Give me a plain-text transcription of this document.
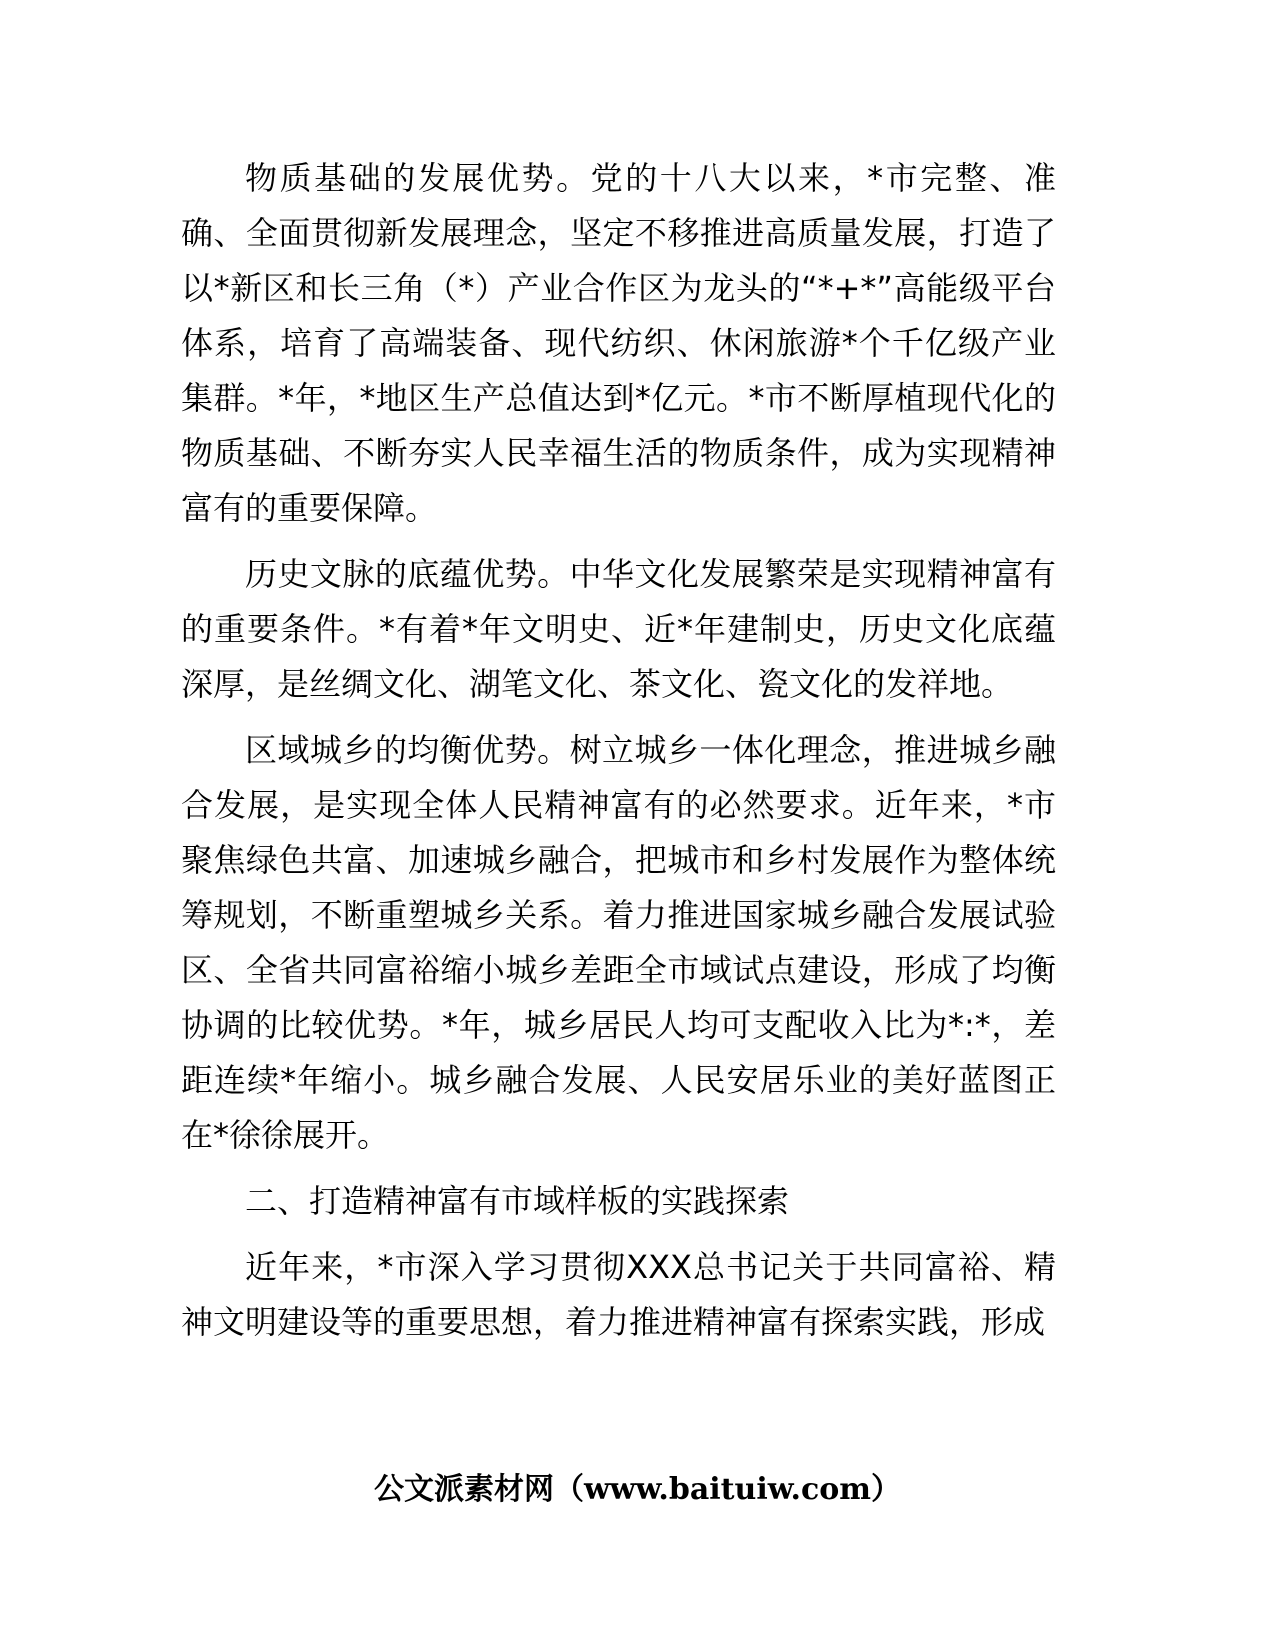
物质基础的发展优势。党的十八大以来，*市完整、准确、全面贯彻新发展理念，坚定不移推进高质量发展，打造了以*新区和长三角（*）产业合作区为龙头的“*+*”高能级平台体系，培育了高端装备、现代纺织、休闲旅游*个千亿级产业集群。*年，*地区生产总值达到*亿元。*市不断厚植现代化的物质基础、不断夯实人民幸福生活的物质条件，成为实现精神富有的重要保障。

历史文脉的底蕴优势。中华文化发展繁荣是实现精神富有的重要条件。*有着*年文明史、近*年建制史，历史文化底蕴深厚，是丝绸文化、湖笔文化、茶文化、瓷文化的发祥地。

区域城乡的均衡优势。树立城乡一体化理念，推进城乡融合发展，是实现全体人民精神富有的必然要求。近年来，*市聚焦绿色共富、加速城乡融合，把城市和乡村发展作为整体统筹规划，不断重塑城乡关系。着力推进国家城乡融合发展试验区、全省共同富裕缩小城乡差距全市域试点建设，形成了均衡协调的比较优势。*年，城乡居民人均可支配收入比为*:*，差距连续*年缩小。城乡融合发展、人民安居乐业的美好蓝图正在*徐徐展开。

二、打造精神富有市域样板的实践探索

近年来，*市深入学习贯彻XXX总书记关于共同富裕、精神文明建设等的重要思想，着力推进精神富有探索实践，形成

公文派素材网（www.baituiw.com）
